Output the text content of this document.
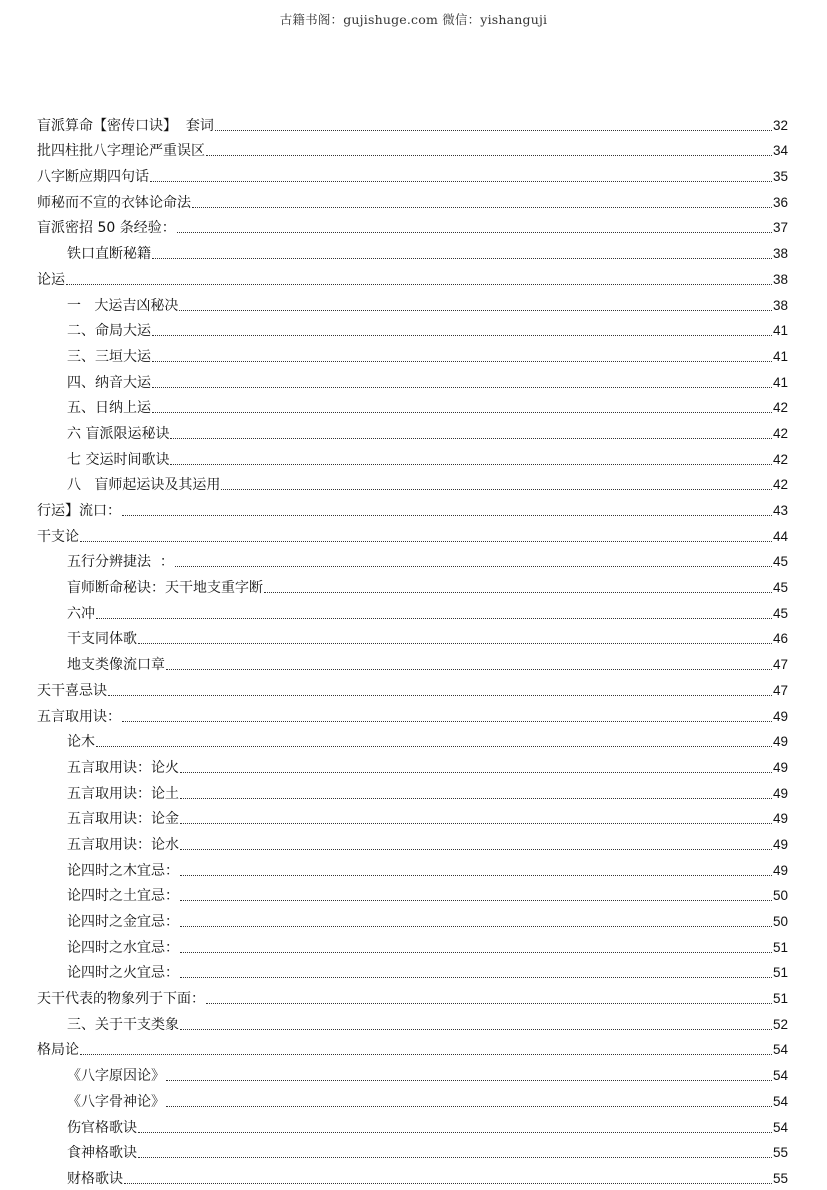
古籍书阁：gujishuge.com 微信：yishanguji
盲派算命【密传口诀】  套词	32
批四柱批八字理论严重误区	34
八字断应期四句话	35
师秘而不宣的衣钵论命法	36
盲派密招 50 条经验：	37
铁口直断秘籍	38
论运	38
一   大运吉凶秘决	38
二、命局大运	41
三、三垣大运	41
四、纳音大运	41
五、日纳上运	42
六 盲派限运秘诀	42
七 交运时间歌诀	42
八   盲师起运诀及其运用	42
行运】流口：	43
干支论	44
五行分辨捷法  ：	45
盲师断命秘诀：天干地支重字断	45
六冲	45
干支同体歌	46
地支类像流口章	47
天干喜忌诀	47
五言取用诀：	49
论木	49
五言取用诀：论火	49
五言取用诀：论土	49
五言取用诀：论金	49
五言取用诀：论水	49
论四时之木宜忌：	49
论四时之土宜忌：	50
论四时之金宜忌：	50
论四时之水宜忌：	51
论四时之火宜忌：	51
天干代表的物象列于下面：	51
三、关于干支类象	52
格局论	54
《八字原因论》	54
《八字骨神论》	54
伤官格歌诀	54
食神格歌诀	55
财格歌诀	55
